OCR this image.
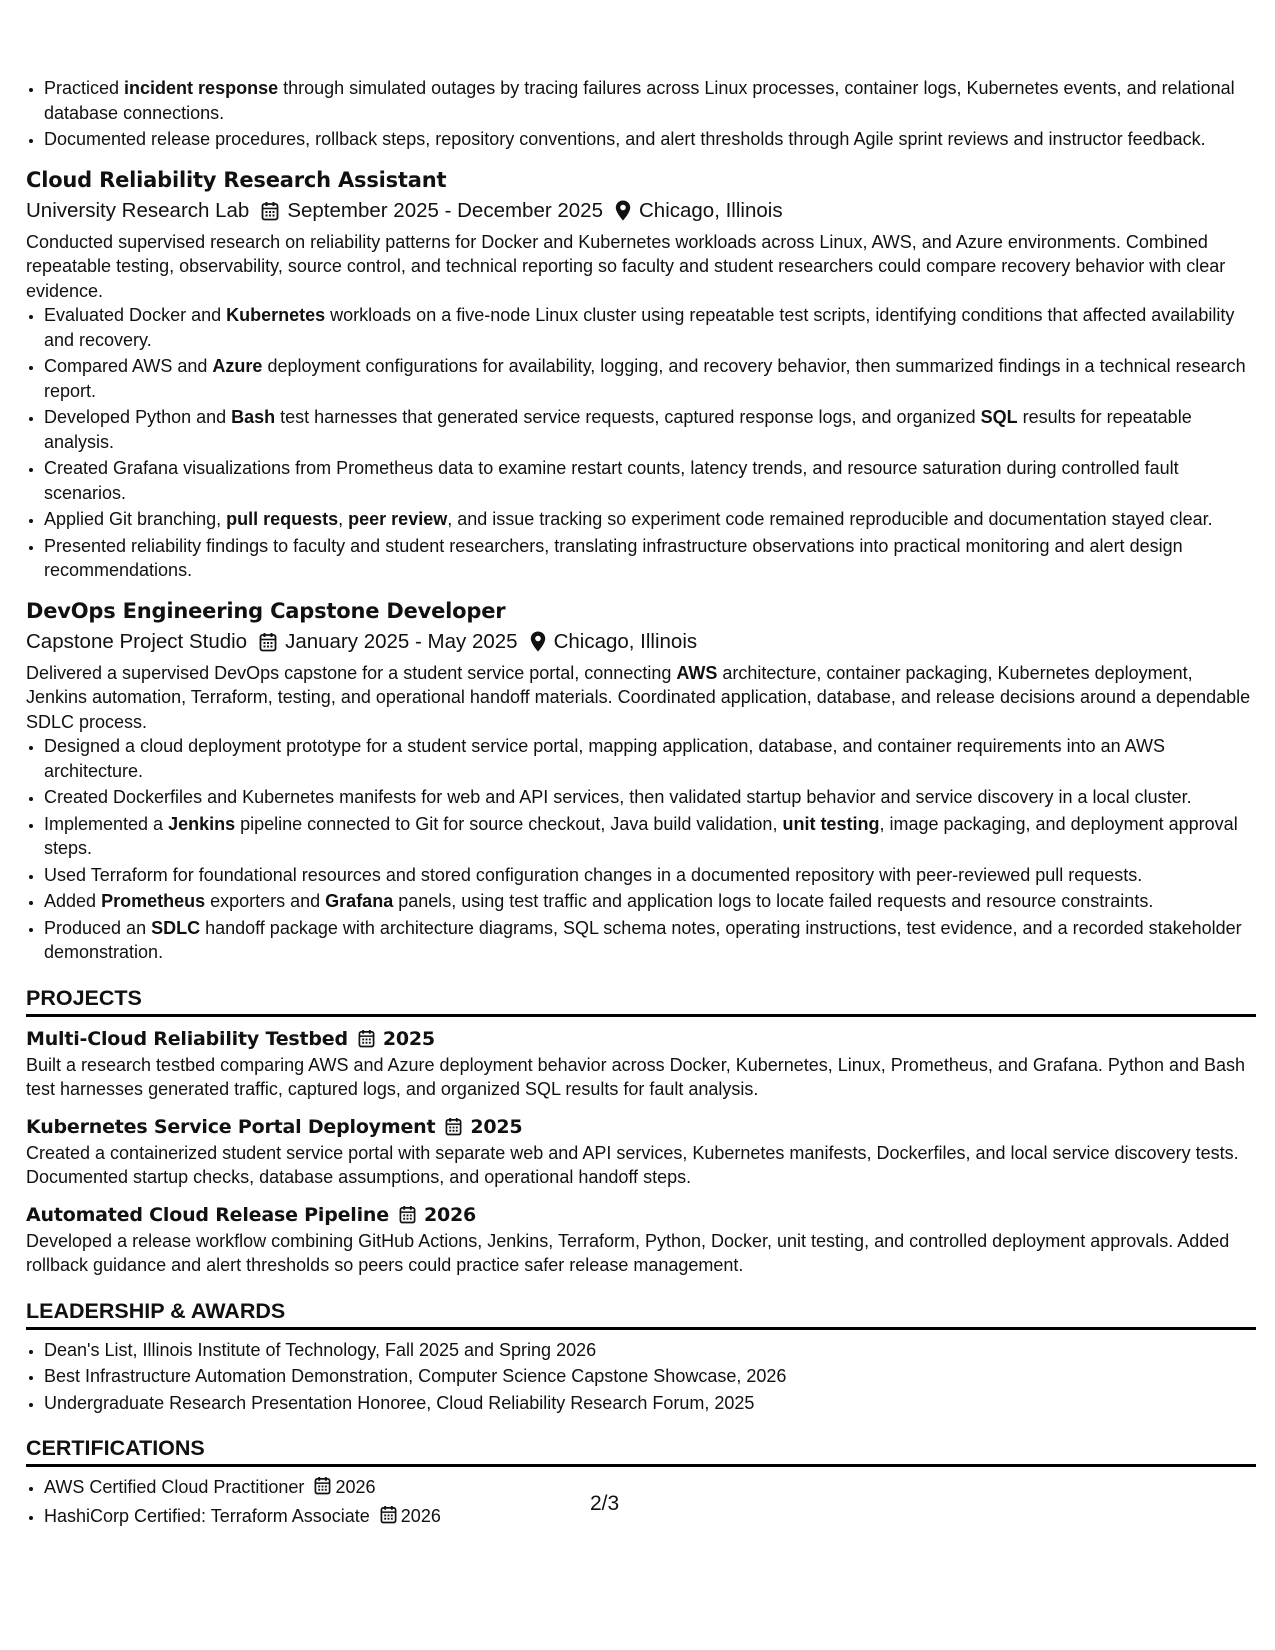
• Practiced incident response through simulated outages by tracing failures across Linux processes, container logs, Kubernetes events, and relational database connections.
• Documented release procedures, rollback steps, repository conventions, and alert thresholds through Agile sprint reviews and instructor feedback.
Cloud Reliability Research Assistant
University Research Lab September 2025 - December 2025 Chicago, Illinois
Conducted supervised research on reliability patterns for Docker and Kubernetes workloads across Linux, AWS, and Azure environments. Combined repeatable testing, observability, source control, and technical reporting so faculty and student researchers could compare recovery behavior with clear evidence.
• Evaluated Docker and Kubernetes workloads on a five-node Linux cluster using repeatable test scripts, identifying conditions that affected availability and recovery.
• Compared AWS and Azure deployment configurations for availability, logging, and recovery behavior, then summarized findings in a technical research report.
• Developed Python and Bash test harnesses that generated service requests, captured response logs, and organized SQL results for repeatable analysis.
• Created Grafana visualizations from Prometheus data to examine restart counts, latency trends, and resource saturation during controlled fault scenarios.
• Applied Git branching, pull requests, peer review, and issue tracking so experiment code remained reproducible and documentation stayed clear.
• Presented reliability findings to faculty and student researchers, translating infrastructure observations into practical monitoring and alert design recommendations.
DevOps Engineering Capstone Developer
Capstone Project Studio January 2025 - May 2025 Chicago, Illinois
Delivered a supervised DevOps capstone for a student service portal, connecting AWS architecture, container packaging, Kubernetes deployment, Jenkins automation, Terraform, testing, and operational handoff materials. Coordinated application, database, and release decisions around a dependable SDLC process.
• Designed a cloud deployment prototype for a student service portal, mapping application, database, and container requirements into an AWS architecture.
• Created Dockerfiles and Kubernetes manifests for web and API services, then validated startup behavior and service discovery in a local cluster.
• Implemented a Jenkins pipeline connected to Git for source checkout, Java build validation, unit testing, image packaging, and deployment approval steps.
• Used Terraform for foundational resources and stored configuration changes in a documented repository with peer-reviewed pull requests.
• Added Prometheus exporters and Grafana panels, using test traffic and application logs to locate failed requests and resource constraints.
• Produced an SDLC handoff package with architecture diagrams, SQL schema notes, operating instructions, test evidence, and a recorded stakeholder demonstration.
PROJECTS
Multi-Cloud Reliability Testbed 2025
Built a research testbed comparing AWS and Azure deployment behavior across Docker, Kubernetes, Linux, Prometheus, and Grafana. Python and Bash test harnesses generated traffic, captured logs, and organized SQL results for fault analysis.
Kubernetes Service Portal Deployment 2025
Created a containerized student service portal with separate web and API services, Kubernetes manifests, Dockerfiles, and local service discovery tests. Documented startup checks, database assumptions, and operational handoff steps.
Automated Cloud Release Pipeline 2026
Developed a release workflow combining GitHub Actions, Jenkins, Terraform, Python, Docker, unit testing, and controlled deployment approvals. Added rollback guidance and alert thresholds so peers could practice safer release management.
LEADERSHIP & AWARDS
• Dean's List, Illinois Institute of Technology, Fall 2025 and Spring 2026
• Best Infrastructure Automation Demonstration, Computer Science Capstone Showcase, 2026
• Undergraduate Research Presentation Honoree, Cloud Reliability Research Forum, 2025
CERTIFICATIONS
• AWS Certified Cloud Practitioner 2026
• HashiCorp Certified: Terraform Associate 2026
2/3
